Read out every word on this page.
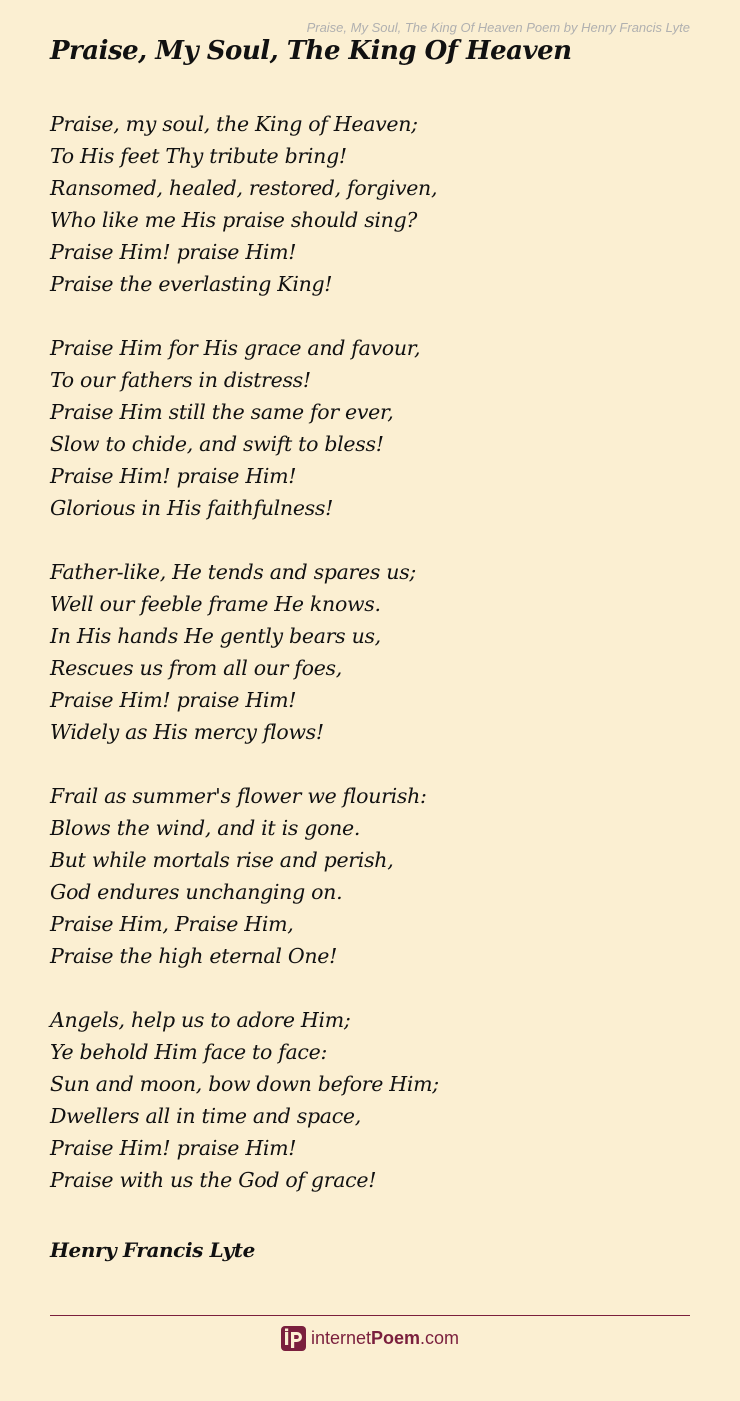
Praise, My Soul, The King Of Heaven Poem by Henry Francis Lyte
Praise, My Soul, The King Of Heaven
Praise, my soul, the King of Heaven;
To His feet Thy tribute bring!
Ransomed, healed, restored, forgiven,
Who like me His praise should sing?
Praise Him! praise Him!
Praise the everlasting King!
Praise Him for His grace and favour,
To our fathers in distress!
Praise Him still the same for ever,
Slow to chide, and swift to bless!
Praise Him! praise Him!
Glorious in His faithfulness!
Father-like, He tends and spares us;
Well our feeble frame He knows.
In His hands He gently bears us,
Rescues us from all our foes,
Praise Him! praise Him!
Widely as His mercy flows!
Frail as summer's flower we flourish:
Blows the wind, and it is gone.
But while mortals rise and perish,
God endures unchanging on.
Praise Him, Praise Him,
Praise the high eternal One!
Angels, help us to adore Him;
Ye behold Him face to face:
Sun and moon, bow down before Him;
Dwellers all in time and space,
Praise Him! praise Him!
Praise with us the God of grace!
Henry Francis Lyte
internetPoem.com
